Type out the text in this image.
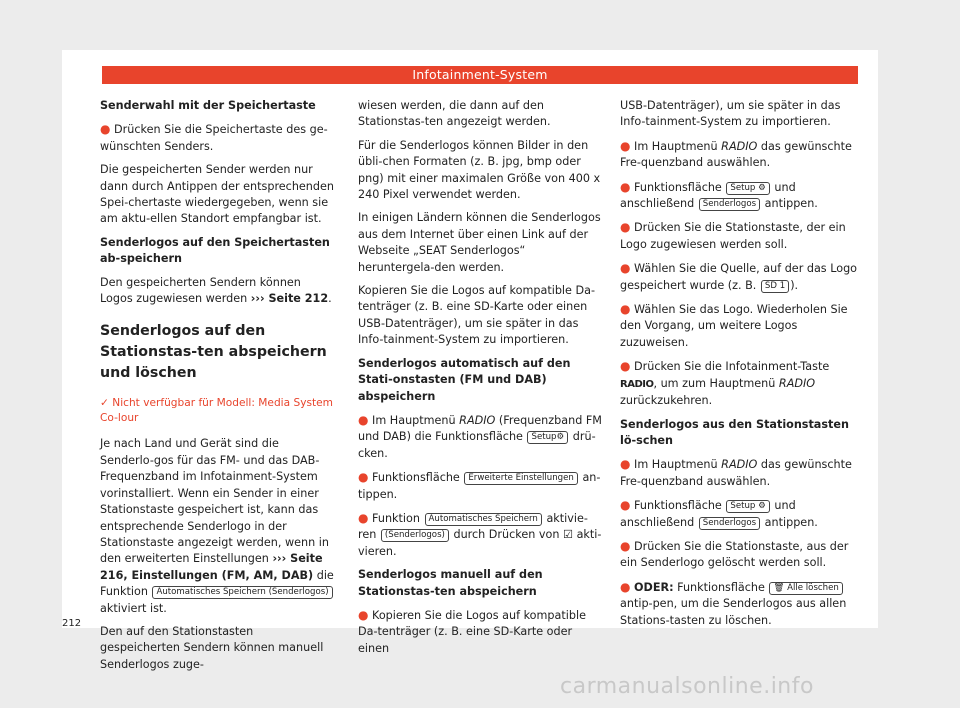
Infotainment-System

Senderwahl mit der Speichertaste

● Drücken Sie die Speichertaste des ge-wünschten Senders.

Die gespeicherten Sender werden nur dann durch Antippen der entsprechenden Spei-chertaste wiedergegeben, wenn sie am aktu-ellen Standort empfangbar ist.

Senderlogos auf den Speichertasten ab-speichern

Den gespeicherten Sendern können Logos zugewiesen werden ››› Seite 212.

Senderlogos auf den Stationstas-ten abspeichern und löschen

✓ Nicht verfügbar für Modell: Media System Co-lour

Je nach Land und Gerät sind die Senderlo-gos für das FM- und das DAB-Frequenzband im Infotainment-System vorinstalliert. Wenn ein Sender in einer Stationstaste gespeichert ist, kann das entsprechende Senderlogo in der Stationstaste angezeigt werden, wenn in den erweiterten Einstellungen ››› Seite 216, Einstellungen (FM, AM, DAB) die Funktion Automatisches Speichern (Senderlogos) aktiviert ist.

Den auf den Stationstasten gespeicherten Sendern können manuell Senderlogos zuge-

wiesen werden, die dann auf den Stationstas-ten angezeigt werden.

Für die Senderlogos können Bilder in den übli-chen Formaten (z. B. jpg, bmp oder png) mit einer maximalen Größe von 400 x 240 Pixel verwendet werden.

In einigen Ländern können die Senderlogos aus dem Internet über einen Link auf der Webseite „SEAT Senderlogos“ heruntergela-den werden.

Kopieren Sie die Logos auf kompatible Da-tenträger (z. B. eine SD-Karte oder einen USB-Datenträger), um sie später in das Info-tainment-System zu importieren.

Senderlogos automatisch auf den Stati-onstasten (FM und DAB) abspeichern

● Im Hauptmenü RADIO (Frequenzband FM und DAB) die Funktionsfläche Setup⚙ drü-cken.

● Funktionsfläche Erweiterte Einstellungen an-tippen.

● Funktion Automatisches Speichern aktivie-ren (Senderlogos) durch Drücken von ☑ akti-vieren.

Senderlogos manuell auf den Stationstas-ten abspeichern

● Kopieren Sie die Logos auf kompatible Da-tenträger (z. B. eine SD-Karte oder einen

USB-Datenträger), um sie später in das Info-tainment-System zu importieren.

● Im Hauptmenü RADIO das gewünschte Fre-quenzband auswählen.

● Funktionsfläche Setup ⚙ und anschließend Senderlogos antippen.

● Drücken Sie die Stationstaste, der ein Logo zugewiesen werden soll.

● Wählen Sie die Quelle, auf der das Logo gespeichert wurde (z. B. SD 1 ).

● Wählen Sie das Logo. Wiederholen Sie den Vorgang, um weitere Logos zuzuweisen.

● Drücken Sie die Infotainment-Taste RADIO, um zum Hauptmenü RADIO zurückzukehren.

Senderlogos aus den Stationstasten lö-schen

● Im Hauptmenü RADIO das gewünschte Fre-quenzband auswählen.

● Funktionsfläche Setup ⚙ und anschließend Senderlogos antippen.

● Drücken Sie die Stationstaste, aus der ein Senderlogo gelöscht werden soll.

● ODER: Funktionsfläche 🗑 Alle löschen antip-pen, um die Senderlogos aus allen Stations-tasten zu löschen.

212
carmanualsonline.info
